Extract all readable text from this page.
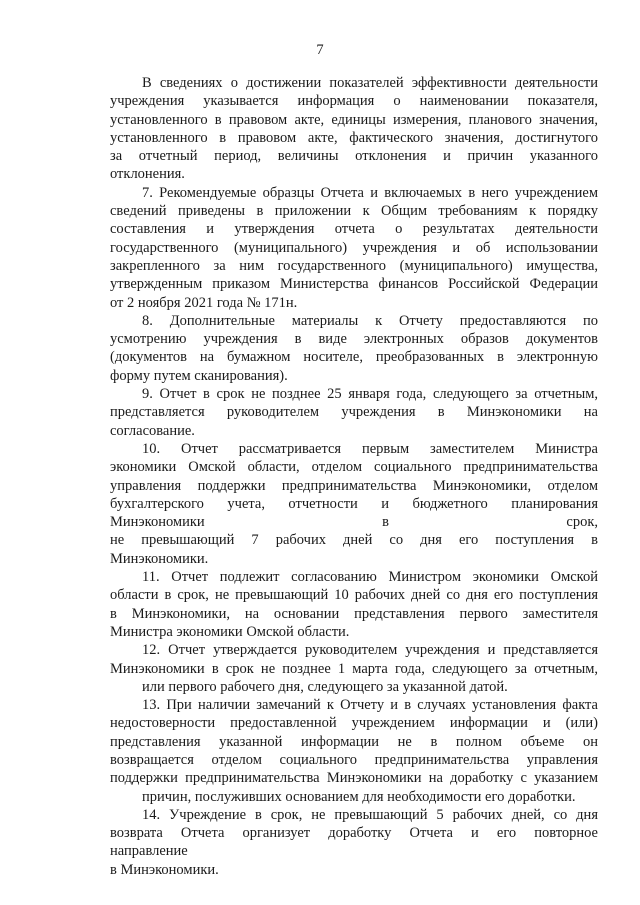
7

В сведениях о достижении показателей эффективности деятельности
учреждения указывается информация о наименовании показателя,
установленного в правовом акте, единицы измерения, планового значения,
установленного в правовом акте, фактического значения, достигнутого
за отчетный период, величины отклонения и причин указанного
отклонения.

7. Рекомендуемые образцы Отчета и включаемых в него учреждением
сведений приведены в приложении к Общим требованиям к порядку
составления и утверждения отчета о результатах деятельности
государственного (муниципального) учреждения и об использовании
закрепленного за ним государственного (муниципального) имущества,
утвержденным приказом Министерства финансов Российской Федерации
от 2 ноября 2021 года № 171н.

8. Дополнительные материалы к Отчету предоставляются по
усмотрению учреждения в виде электронных образов документов
(документов на бумажном носителе, преобразованных в электронную
форму путем сканирования).

9. Отчет в срок не позднее 25 января года, следующего за отчетным,
представляется руководителем учреждения в Минэкономики на
согласование.

10. Отчет рассматривается первым заместителем Министра
экономики Омской области, отделом социального предпринимательства
управления поддержки предпринимательства Минэкономики, отделом
бухгалтерского учета, отчетности и бюджетного планирования
Минэкономики в срок,
не превышающий 7 рабочих дней со дня его поступления в
Минэкономики.

11. Отчет подлежит согласованию Министром экономики Омской
области в срок, не превышающий 10 рабочих дней со дня его поступления
в Минэкономики, на основании представления первого заместителя
Министра экономики Омской области.

12. Отчет утверждается руководителем учреждения и представляется
Минэкономики в срок не позднее 1 марта года, следующего за отчетным,
или первого рабочего дня, следующего за указанной датой.

13. При наличии замечаний к Отчету и в случаях установления факта
недостоверности предоставленной учреждением информации и (или)
представления указанной информации не в полном объеме он
возвращается отделом социального предпринимательства управления
поддержки предпринимательства Минэкономики на доработку с указанием
причин, послуживших основанием для необходимости его доработки.

14. Учреждение в срок, не превышающий 5 рабочих дней, со дня
возврата Отчета организует доработку Отчета и его повторное
направление
в Минэкономики.
